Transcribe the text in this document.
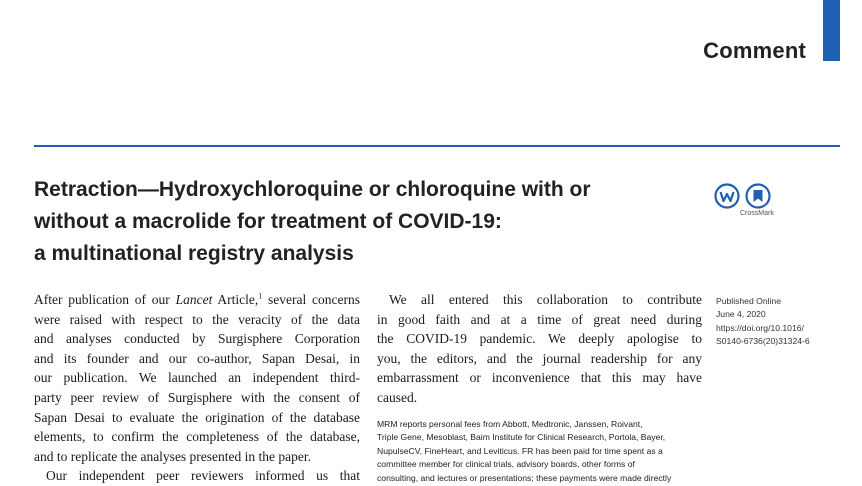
Comment
Retraction—Hydroxychloroquine or chloroquine with or
without a macrolide for treatment of COVID-19:
a multinational registry analysis
CrossMark
After publication of our Lancet Article,$^1$ several concerns
were raised with respect to the veracity of the data
and analyses conducted by Surgisphere Corporation
and its founder and our co-author, Sapan Desai, in
our publication. We launched an independent third-
party peer review of Surgisphere with the consent of
Sapan Desai to evaluate the origination of the database
elements, to confirm the completeness of the database,
and to replicate the analyses presented in the paper.
Our independent peer reviewers informed us that
We all entered this collaboration to contribute
in good faith and at a time of great need during
the COVID-19 pandemic. We deeply apologise to
you, the editors, and the journal readership for any
embarrassment or inconvenience that this may have
caused.
MRM reports personal fees from Abbott, Medtronic, Janssen, Roivant,
Triple Gene, Mesoblast, Baim Institute for Clinical Research, Portola, Bayer,
NupulseCV, FineHeart, and Leviticus. FR has been paid for time spent as a
committee member for clinical trials, advisory boards, other forms of
consulting, and lectures or presentations; these payments were made directly
Published Online
June 4, 2020
https://doi.org/10.1016/
S0140-6736(20)31324-6
